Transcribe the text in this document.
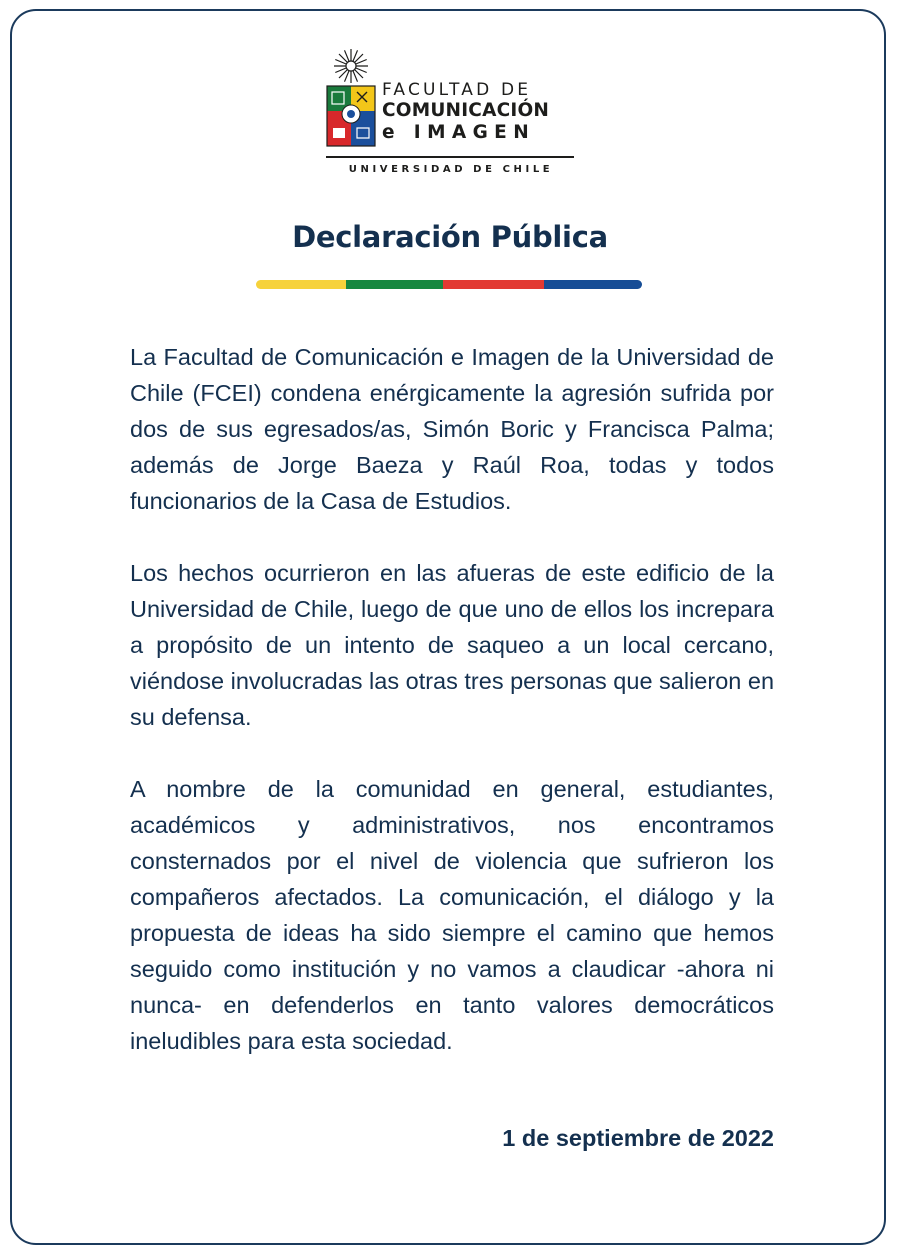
FACULTAD DE
COMUNICACIÓN
e IMAGEN
UNIVERSIDAD DE CHILE
Declaración Pública

La Facultad de Comunicación e Imagen de la Universidad de Chile (FCEI) condena enérgicamente la agresión sufrida por dos de sus egresados/as, Simón Boric y Francisca Palma; además de Jorge Baeza y Raúl Roa, todas y todos funcionarios de la Casa de Estudios.

Los hechos ocurrieron en las afueras de este edificio de la Universidad de Chile, luego de que uno de ellos los increpara a propósito de un intento de saqueo a un local cercano, viéndose involucradas las otras tres personas que salieron en su defensa.

A nombre de la comunidad en general, estudiantes, académicos y administrativos, nos encontramos consternados por el nivel de violencia que sufrieron los compañeros afectados. La comunicación, el diálogo y la propuesta de ideas ha sido siempre el camino que hemos seguido como institución y no vamos a claudicar -ahora ni nunca- en defenderlos en tanto valores democráticos ineludibles para esta sociedad.

1 de septiembre de 2022
